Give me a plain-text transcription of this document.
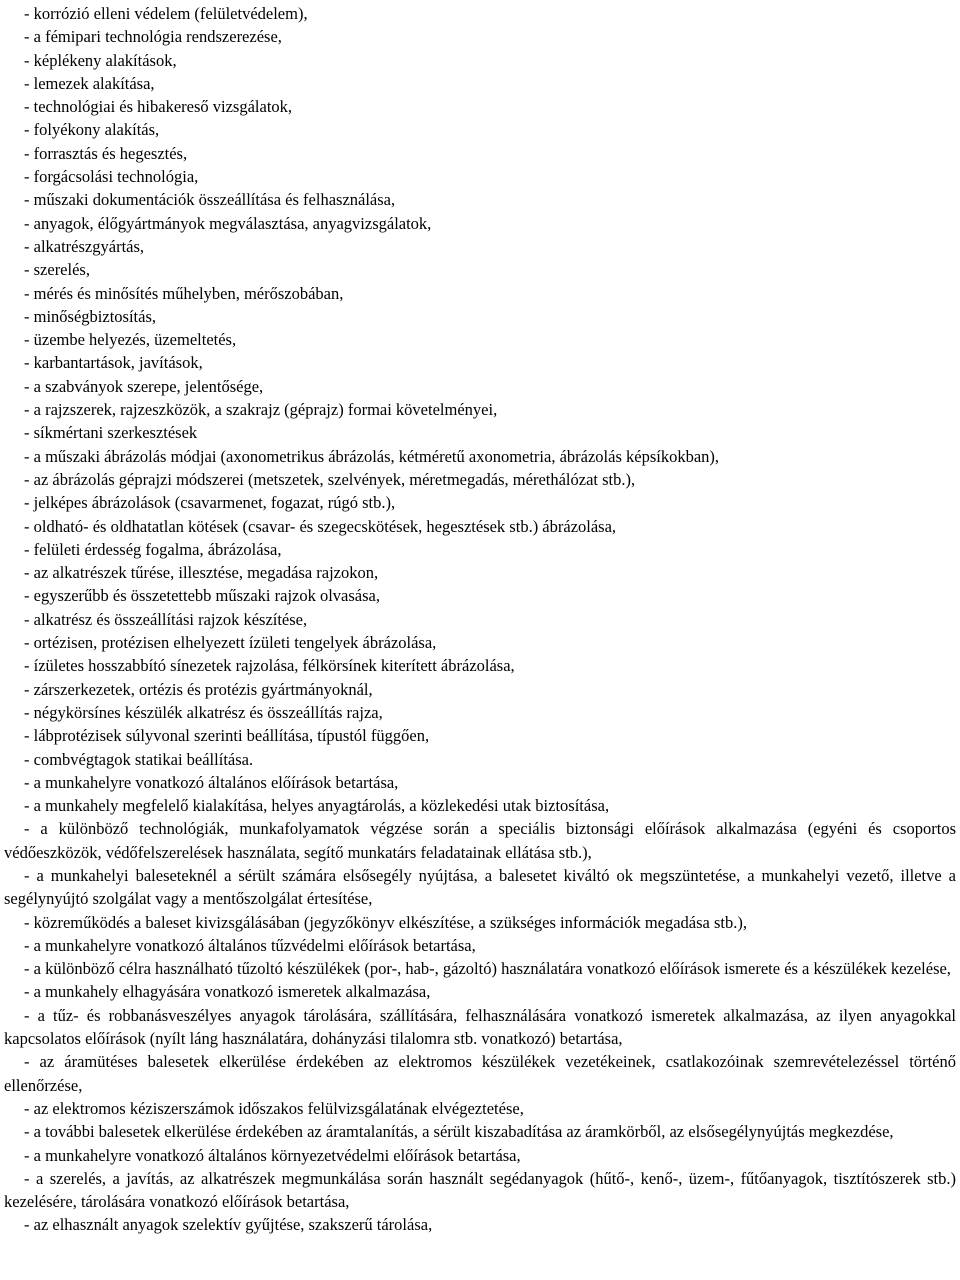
- korrózió elleni védelem (felületvédelem),
- a fémipari technológia rendszerezése,
- képlékeny alakítások,
- lemezek alakítása,
- technológiai és hibakereső vizsgálatok,
- folyékony alakítás,
- forrasztás és hegesztés,
- forgácsolási technológia,
- műszaki dokumentációk összeállítása és felhasználása,
- anyagok, élőgyártmányok megválasztása, anyagvizsgálatok,
- alkatrészgyártás,
- szerelés,
- mérés és minősítés műhelyben, mérőszobában,
- minőségbiztosítás,
- üzembe helyezés, üzemeltetés,
- karbantartások, javítások,
- a szabványok szerepe, jelentősége,
- a rajzszerek, rajzeszközök, a szakrajz (géprajz) formai követelményei,
- síkmértani szerkesztések
- a műszaki ábrázolás módjai (axonometrikus ábrázolás, kétméretű axonometria, ábrázolás képsíkokban),
- az ábrázolás géprajzi módszerei (metszetek, szelvények, méretmegadás, mérethálózat stb.),
- jelképes ábrázolások (csavarmenet, fogazat, rúgó stb.),
- oldható- és oldhatatlan kötések (csavar- és szegecskötések, hegesztések stb.) ábrázolása,
- felületi érdesség fogalma, ábrázolása,
- az alkatrészek tűrése, illesztése, megadása rajzokon,
- egyszerűbb és összetettebb műszaki rajzok olvasása,
- alkatrész és összeállítási rajzok készítése,
- ortézisen, protézisen elhelyezett ízületi tengelyek ábrázolása,
- ízületes hosszabbító sínezetek rajzolása, félkörsínek kiterített ábrázolása,
- zárszerkezetek, ortézis és protézis gyártmányoknál,
- négykörsínes készülék alkatrész és összeállítás rajza,
- lábprotézisek súlyvonal szerinti beállítása, típustól függően,
- combvégtagok statikai beállítása.
- a munkahelyre vonatkozó általános előírások betartása,
- a munkahely megfelelő kialakítása, helyes anyagtárolás, a közlekedési utak biztosítása,
- a különböző technológiák, munkafolyamatok végzése során a speciális biztonsági előírások alkalmazása (egyéni és csoportos védőeszközök, védőfelszerelések használata, segítő munkatárs feladatainak ellátása stb.),
- a munkahelyi baleseteknél a sérült számára elsősegély nyújtása, a balesetet kiváltó ok megszüntetése, a munkahelyi vezető, illetve a segélynyújtó szolgálat vagy a mentőszolgálat értesítése,
- közreműködés a baleset kivizsgálásában (jegyzőkönyv elkészítése, a szükséges információk megadása stb.),
- a munkahelyre vonatkozó általános tűzvédelmi előírások betartása,
- a különböző célra használható tűzoltó készülékek (por-, hab-, gázoltó) használatára vonatkozó előírások ismerete és a készülékek kezelése,
- a munkahely elhagyására vonatkozó ismeretek alkalmazása,
- a tűz- és robbanásveszélyes anyagok tárolására, szállítására, felhasználására vonatkozó ismeretek alkalmazása, az ilyen anyagokkal kapcsolatos előírások (nyílt láng használatára, dohányzási tilalomra stb. vonatkozó) betartása,
- az áramütéses balesetek elkerülése érdekében az elektromos készülékek vezetékeinek, csatlakozóinak szemrevételezéssel történő ellenőrzése,
- az elektromos kéziszerszámok időszakos felülvizsgálatának elvégeztetése,
- a további balesetek elkerülése érdekében az áramtalanítás, a sérült kiszabadítása az áramkörből, az elsősegélynyújtás megkezdése,
- a munkahelyre vonatkozó általános környezetvédelmi előírások betartása,
- a szerelés, a javítás, az alkatrészek megmunkálása során használt segédanyagok (hűtő-, kenő-, üzem-, fűtőanyagok, tisztítószerek stb.) kezelésére, tárolására vonatkozó előírások betartása,
- az elhasznált anyagok szelektív gyűjtése, szakszerű tárolása,
